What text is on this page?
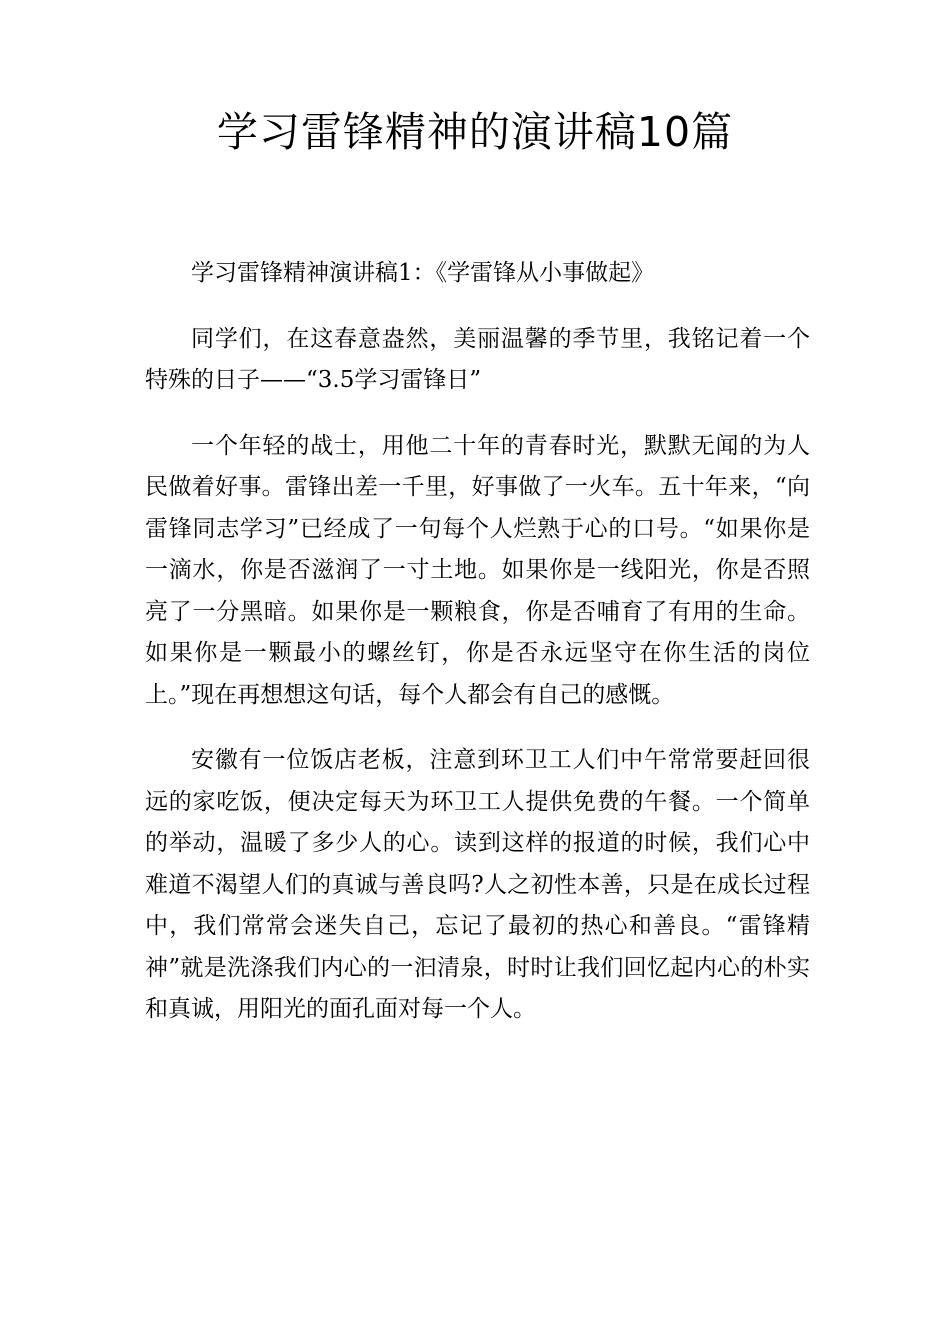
学习雷锋精神的演讲稿10篇

学习雷锋精神演讲稿1：《学雷锋从小事做起》

同学们，在这春意盎然，美丽温馨的季节里，我铭记着一个特殊的日子——“3.5学习雷锋日”

一个年轻的战士，用他二十年的青春时光，默默无闻的为人民做着好事。雷锋出差一千里，好事做了一火车。五十年来，“向雷锋同志学习”已经成了一句每个人烂熟于心的口号。“如果你是一滴水，你是否滋润了一寸土地。如果你是一线阳光，你是否照亮了一分黑暗。如果你是一颗粮食，你是否哺育了有用的生命。如果你是一颗最小的螺丝钉，你是否永远坚守在你生活的岗位上。”现在再想想这句话，每个人都会有自己的感慨。

安徽有一位饭店老板，注意到环卫工人们中午常常要赶回很远的家吃饭，便决定每天为环卫工人提供免费的午餐。一个简单的举动，温暖了多少人的心。读到这样的报道的时候，我们心中难道不渴望人们的真诚与善良吗?人之初性本善，只是在成长过程中，我们常常会迷失自己，忘记了最初的热心和善良。“雷锋精神”就是洗涤我们内心的一汩清泉，时时让我们回忆起内心的朴实和真诚，用阳光的面孔面对每一个人。
